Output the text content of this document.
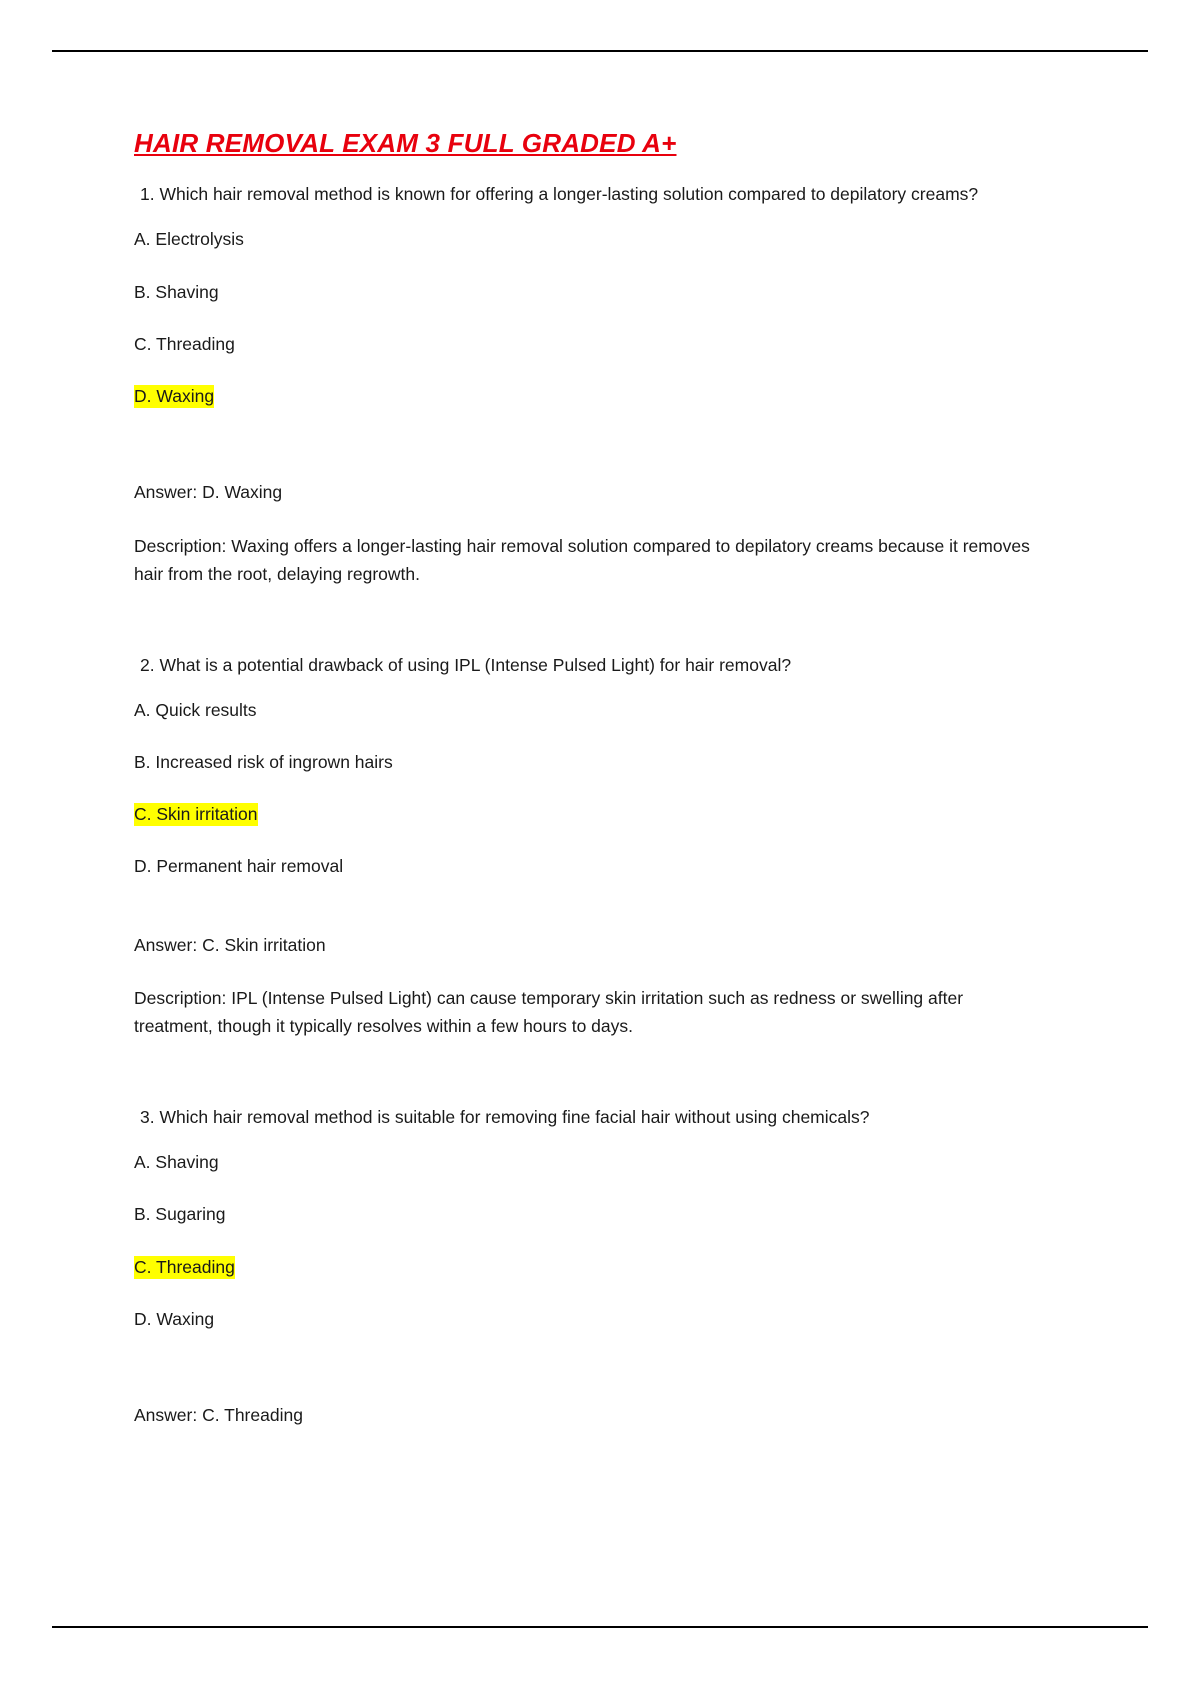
HAIR REMOVAL EXAM 3 FULL GRADED A+

1. Which hair removal method is known for offering a longer-lasting solution compared to depilatory creams?

A. Electrolysis

B. Shaving

C. Threading

D. Waxing

Answer: D. Waxing

Description: Waxing offers a longer-lasting hair removal solution compared to depilatory creams because it removes hair from the root, delaying regrowth.

2. What is a potential drawback of using IPL (Intense Pulsed Light) for hair removal?

A. Quick results

B. Increased risk of ingrown hairs

C. Skin irritation

D. Permanent hair removal

Answer: C. Skin irritation

Description: IPL (Intense Pulsed Light) can cause temporary skin irritation such as redness or swelling after treatment, though it typically resolves within a few hours to days.

3. Which hair removal method is suitable for removing fine facial hair without using chemicals?

A. Shaving

B. Sugaring

C. Threading

D. Waxing

Answer: C. Threading
